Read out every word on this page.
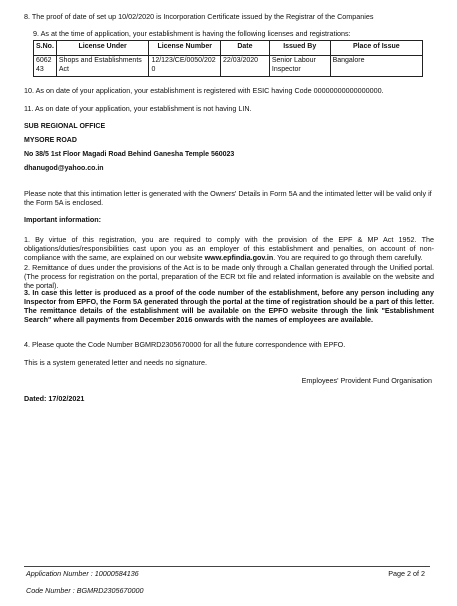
8. The proof of date of set up 10/02/2020 is Incorporation Certificate issued by the Registrar of the Companies
9. As at the time of application, your establishment is having the following licenses and registrations:
S.No.	License Under	License Number	Date	Issued By	Place of Issue
606243	Shops and Establishments Act	12/123/CE/0050/2020	22/03/2020	Senior Labour Inspector	Bangalore
10. As on date of your application, your establishment is registered with ESIC having Code 00000000000000000.
11. As on date of your application, your establishment is not having LIN.
SUB REGIONAL OFFICE
MYSORE ROAD
No 38/5 1st Floor Magadi Road Behind Ganesha Temple 560023
dhanugod@yahoo.co.in
Please note that this intimation letter is generated with the Owners' Details in Form 5A and the intimated letter will be valid only if the Form 5A is enclosed.
Important information:
1. By virtue of this registration, you are required to comply with the provision of the EPF & MP Act 1952. The obligations/duties/responsibilities cast upon you as an employer of this establishment and penalties, on account of non-compliance with the same, are explained on our website www.epfindia.gov.in. You are required to go through them carefully.
2. Remittance of dues under the provisions of the Act is to be made only through a Challan generated through the Unified portal. (The process for registration on the portal, preparation of the ECR txt file and related information is available on the website and the portal).
3. In case this letter is produced as a proof of the code number of the establishment, before any person including any Inspector from EPFO, the Form 5A generated through the portal at the time of registration should be a part of this letter. The remittance details of the establishment will be available on the EPFO website through the link "Establishment Search" where all payments from December 2016 onwards with the names of employees are available.
4. Please quote the Code Number BGMRD2305670000 for all the future correspondence with EPFO.
This is a system generated letter and needs no signature.
Employees' Provident Fund Organisation
Dated: 17/02/2021
Application Number : 10000584136	Page 2 of 2
Code Number : BGMRD2305670000
